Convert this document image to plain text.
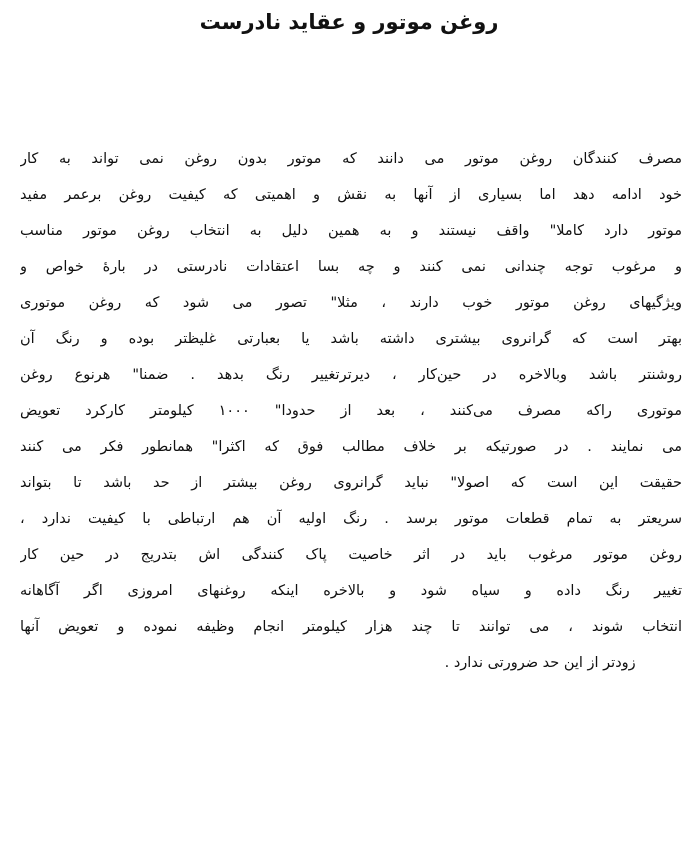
روغن موتور و عقاید نادرست
مصرف کنندگان روغن موتور می دانند که موتور بدون روغن نمی تواند به کار
خود ادامه دهد اما بسیاری از آنها به نقش و اهمیتی که کیفیت روغن برعمر مفید
موتور دارد کاملا" واقف نیستند و به همین دلیل به انتخاب روغن موتور مناسب
و مرغوب توجه چندانی نمی کنند و چه بسا اعتقادات نادرستی در بارهٔ خواص و
ویژگیهای روغن موتور خوب دارند ، مثلا" تصور می شود که روغن موتوری
بهتر است که گرانروی بیشتری داشته باشد یا بعبارتی غلیظتر بوده و رنگ آن
روشنتر باشد وبالاخره در حین‌کار ، دیرترتغییر رنگ بدهد . ضمنا" هرنوع روغن
موتوری راکه مصرف می‌کنند ، بعد از حدودا" ۱۰۰۰ کیلومتر کارکرد تعویض
می نمایند . در صورتیکه بر خلاف مطالب فوق که اکثرا" همانطور فکر می کنند
حقیقت این است که اصولا" نباید گرانروی روغن بیشتر از حد باشد تا بتواند
سریعتر به تمام قطعات موتور برسد . رنگ اولیه آن هم ارتباطی با کیفیت ندارد ،
روغن موتور مرغوب باید در اثر خاصیت پاک کنندگی اش بتدریج در حین کار
تغییر رنگ داده و سیاه شود و بالاخره اینکه روغنهای امروزی اگر آگاهانه
انتخاب شوند ، می توانند تا چند هزار کیلومتر انجام وظیفه نموده و تعویض آنها
زودتر از این حد ضرورتی ندارد .
